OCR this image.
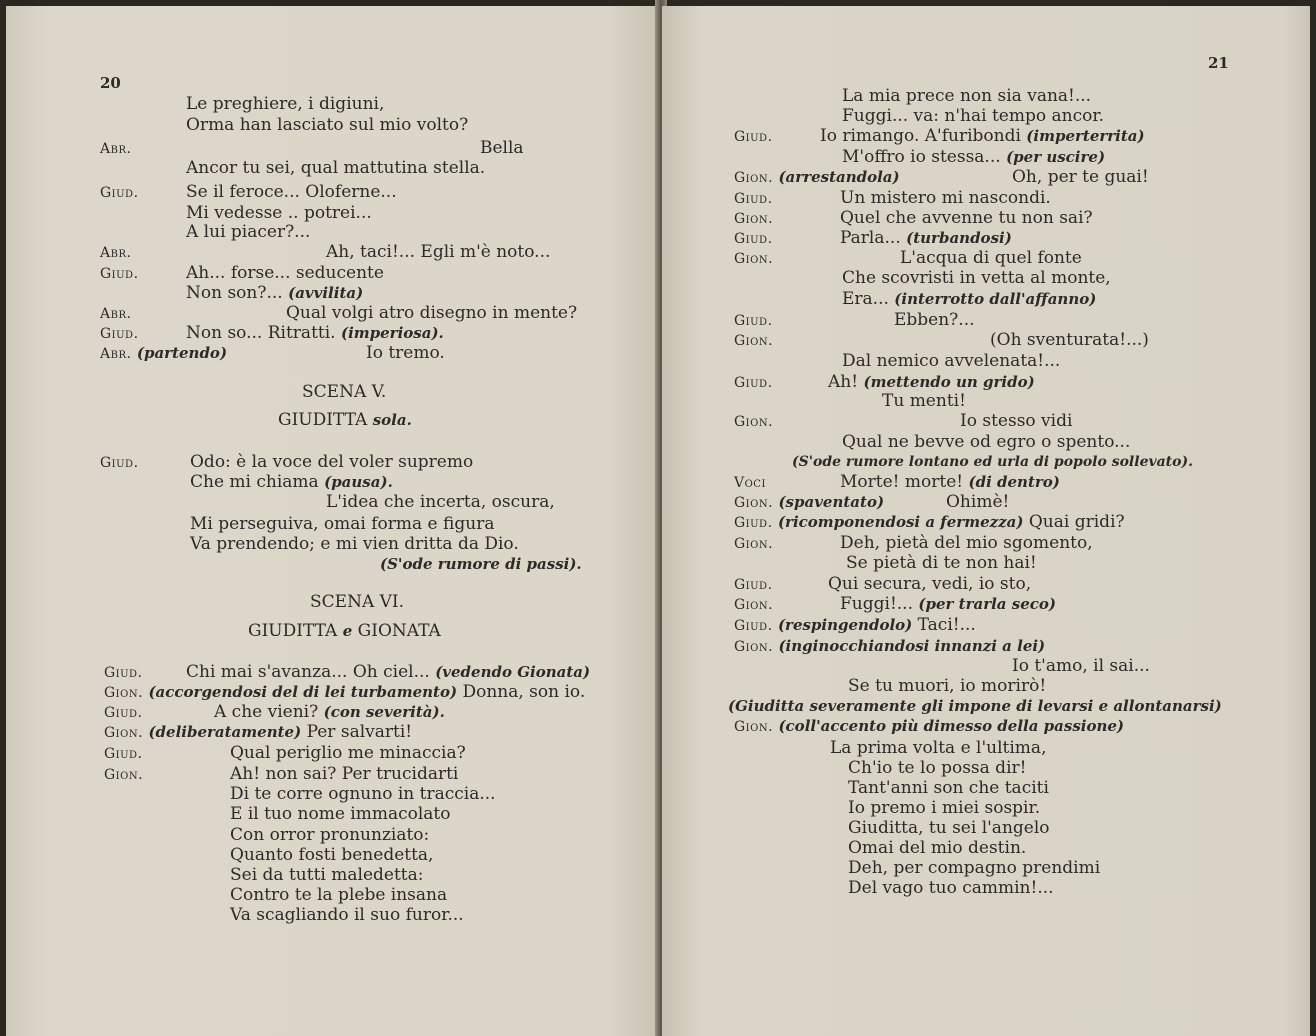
20
Le preghiere, i digiuni,
Orma han lasciato sul mio volto?
Abr.	Bella
Ancor tu sei, qual mattutina stella.
Giud.	Se il feroce... Oloferne...
Mi vedesse .. potrei...
A lui piacer?...
Abr.	Ah, taci!... Egli m'è noto...
Giud.	Ah... forse... seducente
Non son?... (avvilita)
Abr.	Qual volgi atro disegno in mente?
Giud.	Non so... Ritratti. (imperiosa).
Abr. (partendo)	Io tremo.
SCENA V.
GIUDITTA sola.
Giud.	Odo: è la voce del voler supremo
Che mi chiama (pausa).
L'idea che incerta, oscura,
Mi perseguiva, omai forma e figura
Va prendendo; e mi vien dritta da Dio.
(S'ode rumore di passi).
SCENA VI.
GIUDITTA e GIONATA
Giud.	Chi mai s'avanza... Oh ciel... (vedendo Gionata)
Gion. (accorgendosi del di lei turbamento) Donna, son io.
Giud.	A che vieni? (con severità).
Gion. (deliberatamente) Per salvarti!
Giud.	Qual periglio me minaccia?
Gion.	Ah! non sai? Per trucidarti
Di te corre ognuno in traccia...
E il tuo nome immacolato
Con orror pronunziato:
Quanto fosti benedetta,
Sei da tutti maledetta:
Contro te la plebe insana
Va scagliando il suo furor...
21
La mia prece non sia vana!...
Fuggi... va: n'hai tempo ancor.
Giud.	Io rimango. A'furibondi (imperterrita)
M'offro io stessa... (per uscire)
Gion. (arrestandola)	Oh, per te guai!
Giud.	Un mistero mi nascondi.
Gion.	Quel che avvenne tu non sai?
Giud.	Parla... (turbandosi)
Gion.	L'acqua di quel fonte
Che scovristi in vetta al monte,
Era... (interrotto dall'affanno)
Giud.	Ebben?...
Gion.	(Oh sventurata!...)
Dal nemico avvelenata!...
Giud.	Ah! (mettendo un grido)
Tu menti!
Gion.	Io stesso vidi
Qual ne bevve od egro o spento...
(S'ode rumore lontano ed urla di popolo sollevato).
Voci	Morte! morte! (di dentro)
Gion. (spaventato)	Ohimè!
Giud. (ricomponendosi a fermezza) Quai gridi?
Gion.	Deh, pietà del mio sgomento,
Se pietà di te non hai!
Giud.	Qui secura, vedi, io sto,
Gion.	Fuggi!... (per trarla seco)
Giud. (respingendolo) Taci!...
Gion. (inginocchiandosi innanzi a lei)
Io t'amo, il sai...
Se tu muori, io morirò!
(Giuditta severamente gli impone di levarsi e allontanarsi)
Gion. (coll'accento più dimesso della passione)
La prima volta e l'ultima,
Ch'io te lo possa dir!
Tant'anni son che taciti
Io premo i miei sospir.
Giuditta, tu sei l'angelo
Omai del mio destin.
Deh, per compagno prendimi
Del vago tuo cammin!...
